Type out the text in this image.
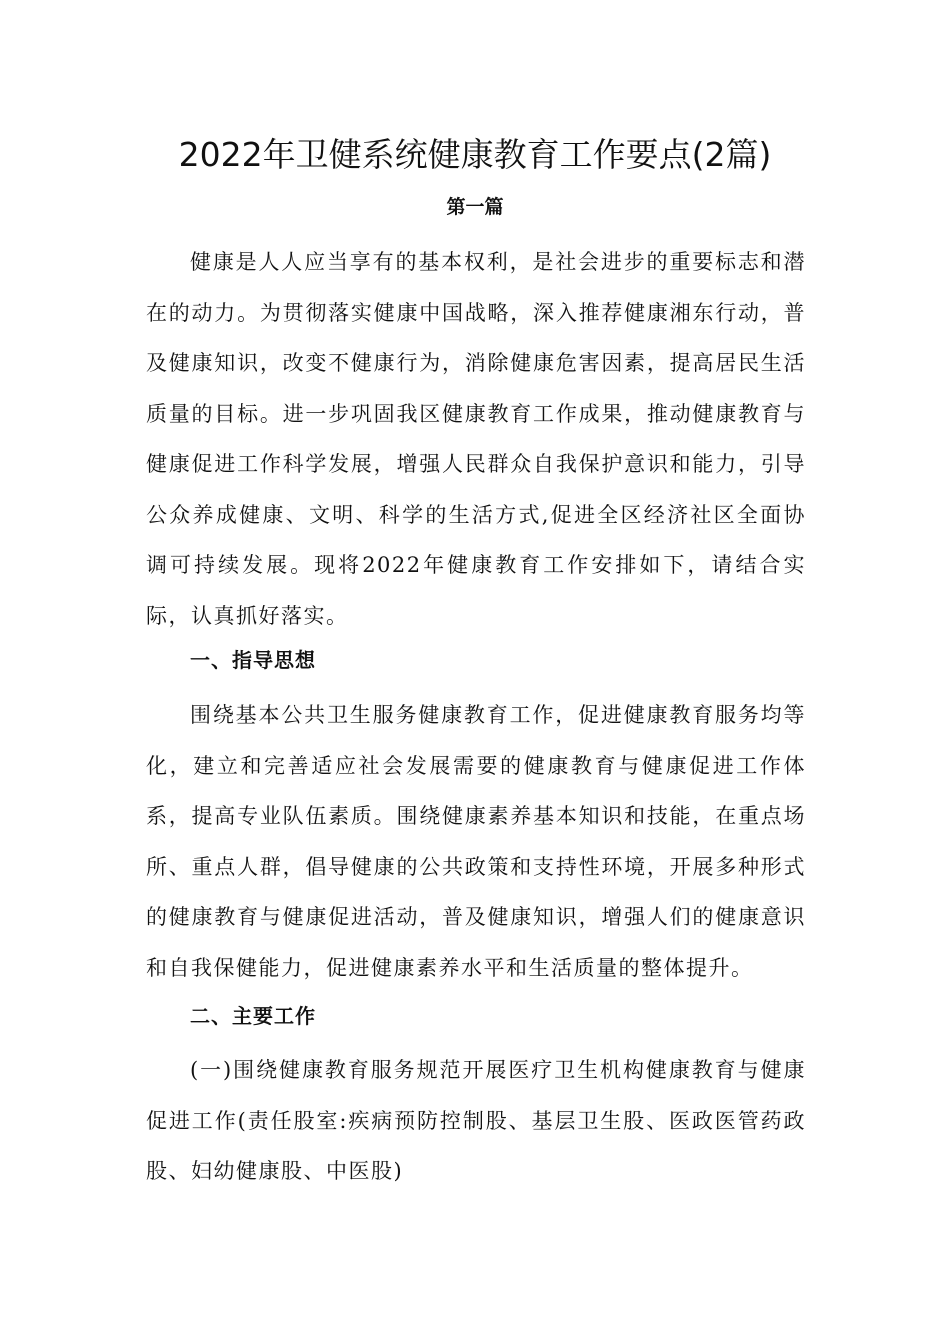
2022年卫健系统健康教育工作要点(2篇)
第一篇

健康是人人应当享有的基本权利，是社会进步的重要标志和潜在的动力。为贯彻落实健康中国战略，深入推荐健康湘东行动，普及健康知识，改变不健康行为，消除健康危害因素，提高居民生活质量的目标。进一步巩固我区健康教育工作成果，推动健康教育与健康促进工作科学发展，增强人民群众自我保护意识和能力，引导公众养成健康、文明、科学的生活方式,促进全区经济社区全面协调可持续发展。现将2022年健康教育工作安排如下，请结合实际，认真抓好落实。

一、指导思想

围绕基本公共卫生服务健康教育工作，促进健康教育服务均等化，建立和完善适应社会发展需要的健康教育与健康促进工作体系，提高专业队伍素质。围绕健康素养基本知识和技能，在重点场所、重点人群，倡导健康的公共政策和支持性环境，开展多种形式的健康教育与健康促进活动，普及健康知识，增强人们的健康意识和自我保健能力，促进健康素养水平和生活质量的整体提升。

二、主要工作

(一)围绕健康教育服务规范开展医疗卫生机构健康教育与健康促进工作(责任股室:疾病预防控制股、基层卫生股、医政医管药政股、妇幼健康股、中医股)
